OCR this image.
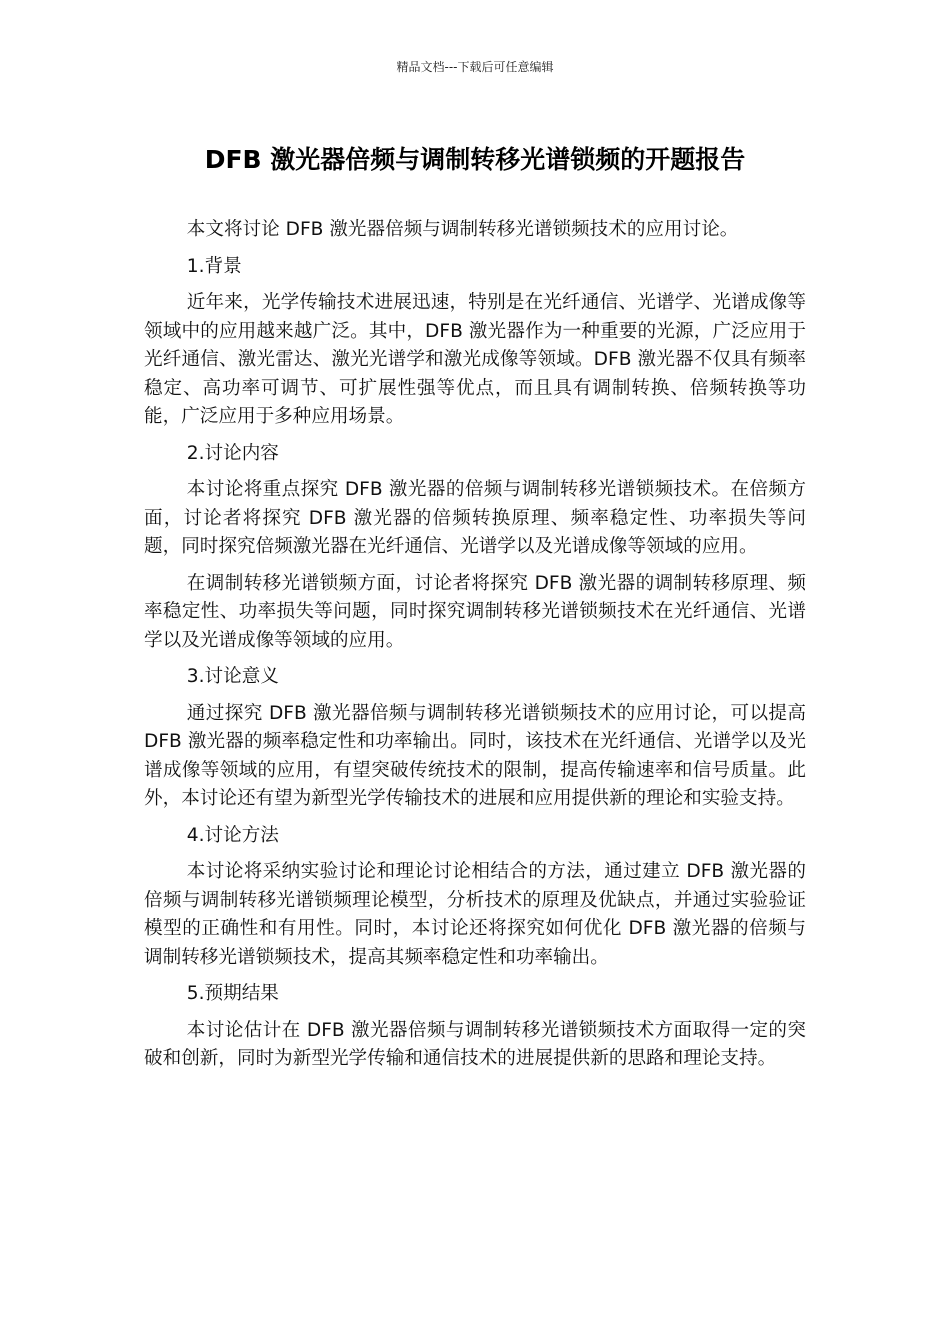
精品文档---下载后可任意编辑
DFB 激光器倍频与调制转移光谱锁频的开题报告

本文将讨论 DFB 激光器倍频与调制转移光谱锁频技术的应用讨论。

1.背景

近年来，光学传输技术进展迅速，特别是在光纤通信、光谱学、光谱成像等领域中的应用越来越广泛。其中，DFB 激光器作为一种重要的光源，广泛应用于光纤通信、激光雷达、激光光谱学和激光成像等领域。DFB 激光器不仅具有频率稳定、高功率可调节、可扩展性强等优点，而且具有调制转换、倍频转换等功能，广泛应用于多种应用场景。

2.讨论内容

本讨论将重点探究 DFB 激光器的倍频与调制转移光谱锁频技术。在倍频方面，讨论者将探究 DFB 激光器的倍频转换原理、频率稳定性、功率损失等问题，同时探究倍频激光器在光纤通信、光谱学以及光谱成像等领域的应用。

在调制转移光谱锁频方面，讨论者将探究 DFB 激光器的调制转移原理、频率稳定性、功率损失等问题，同时探究调制转移光谱锁频技术在光纤通信、光谱学以及光谱成像等领域的应用。

3.讨论意义

通过探究 DFB 激光器倍频与调制转移光谱锁频技术的应用讨论，可以提高 DFB 激光器的频率稳定性和功率输出。同时，该技术在光纤通信、光谱学以及光谱成像等领域的应用，有望突破传统技术的限制，提高传输速率和信号质量。此外，本讨论还有望为新型光学传输技术的进展和应用提供新的理论和实验支持。

4.讨论方法

本讨论将采纳实验讨论和理论讨论相结合的方法，通过建立 DFB 激光器的倍频与调制转移光谱锁频理论模型，分析技术的原理及优缺点，并通过实验验证模型的正确性和有用性。同时，本讨论还将探究如何优化 DFB 激光器的倍频与调制转移光谱锁频技术，提高其频率稳定性和功率输出。

5.预期结果

本讨论估计在 DFB 激光器倍频与调制转移光谱锁频技术方面取得一定的突破和创新，同时为新型光学传输和通信技术的进展提供新的思路和理论支持。
